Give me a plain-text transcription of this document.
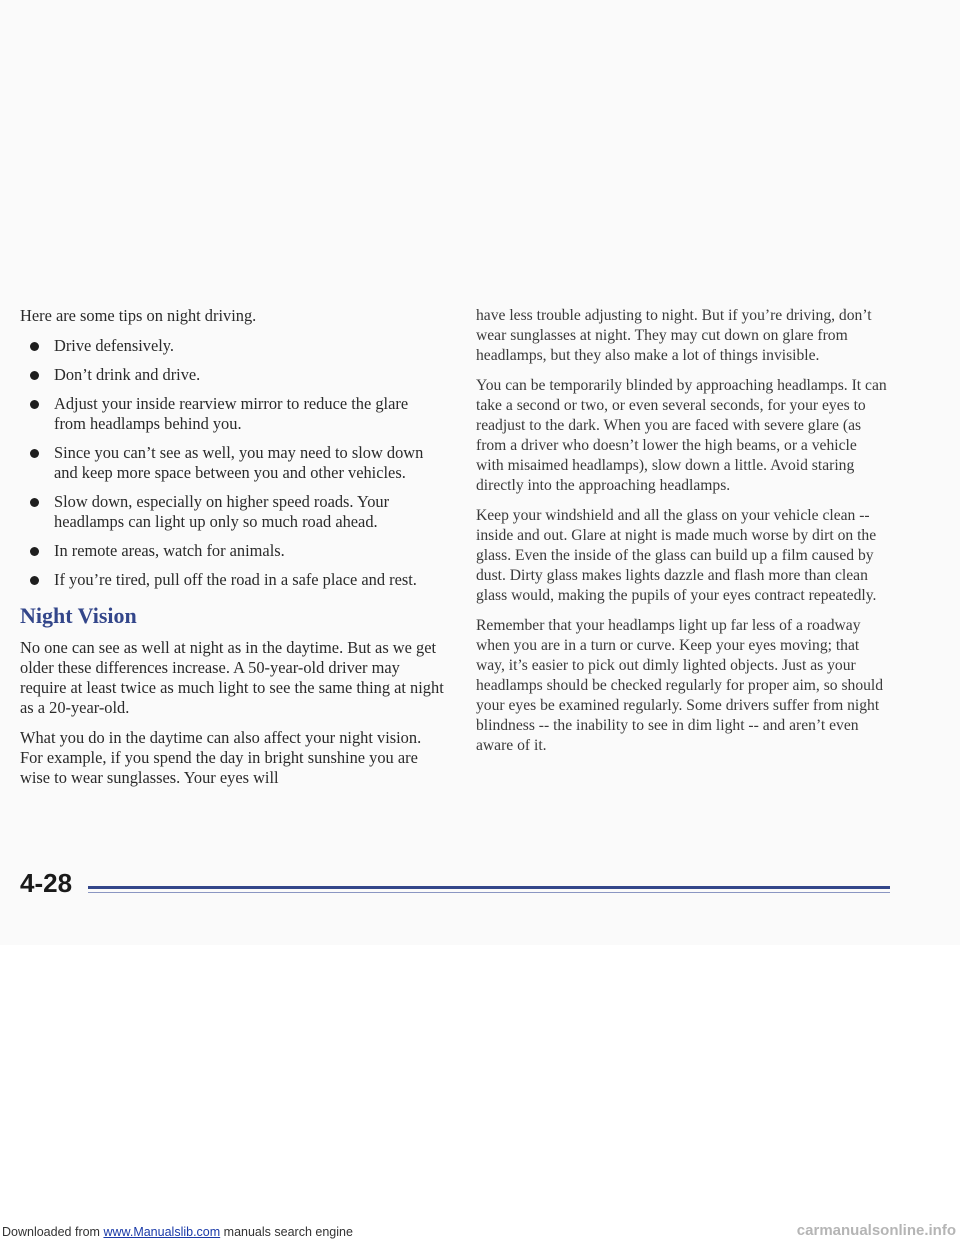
Here are some tips on night driving.

Drive defensively.
Don’t drink and drive.
Adjust your inside rearview mirror to reduce the glare from headlamps behind you.
Since you can’t see as well, you may need to slow down and keep more space between you and other vehicles.
Slow down, especially on higher speed roads. Your headlamps can light up only so much road ahead.
In remote areas, watch for animals.
If you’re tired, pull off the road in a safe place and rest.
Night Vision

No one can see as well at night as in the daytime. But as we get older these differences increase. A 50-year-old driver may require at least twice as much light to see the same thing at night as a 20-year-old.

What you do in the daytime can also affect your night vision. For example, if you spend the day in bright sunshine you are wise to wear sunglasses. Your eyes will

have less trouble adjusting to night. But if you’re driving, don’t wear sunglasses at night. They may cut down on glare from headlamps, but they also make a lot of things invisible.

You can be temporarily blinded by approaching headlamps. It can take a second or two, or even several seconds, for your eyes to readjust to the dark. When you are faced with severe glare (as from a driver who doesn’t lower the high beams, or a vehicle with misaimed headlamps), slow down a little. Avoid staring directly into the approaching headlamps.

Keep your windshield and all the glass on your vehicle clean -- inside and out. Glare at night is made much worse by dirt on the glass. Even the inside of the glass can build up a film caused by dust. Dirty glass makes lights dazzle and flash more than clean glass would, making the pupils of your eyes contract repeatedly.

Remember that your headlamps light up far less of a roadway when you are in a turn or curve. Keep your eyes moving; that way, it’s easier to pick out dimly lighted objects. Just as your headlamps should be checked regularly for proper aim, so should your eyes be examined regularly. Some drivers suffer from night blindness -- the inability to see in dim light -- and aren’t even aware of it.

4-28
Downloaded from www.Manualslib.com manuals search engine	carmanualsonline.info
